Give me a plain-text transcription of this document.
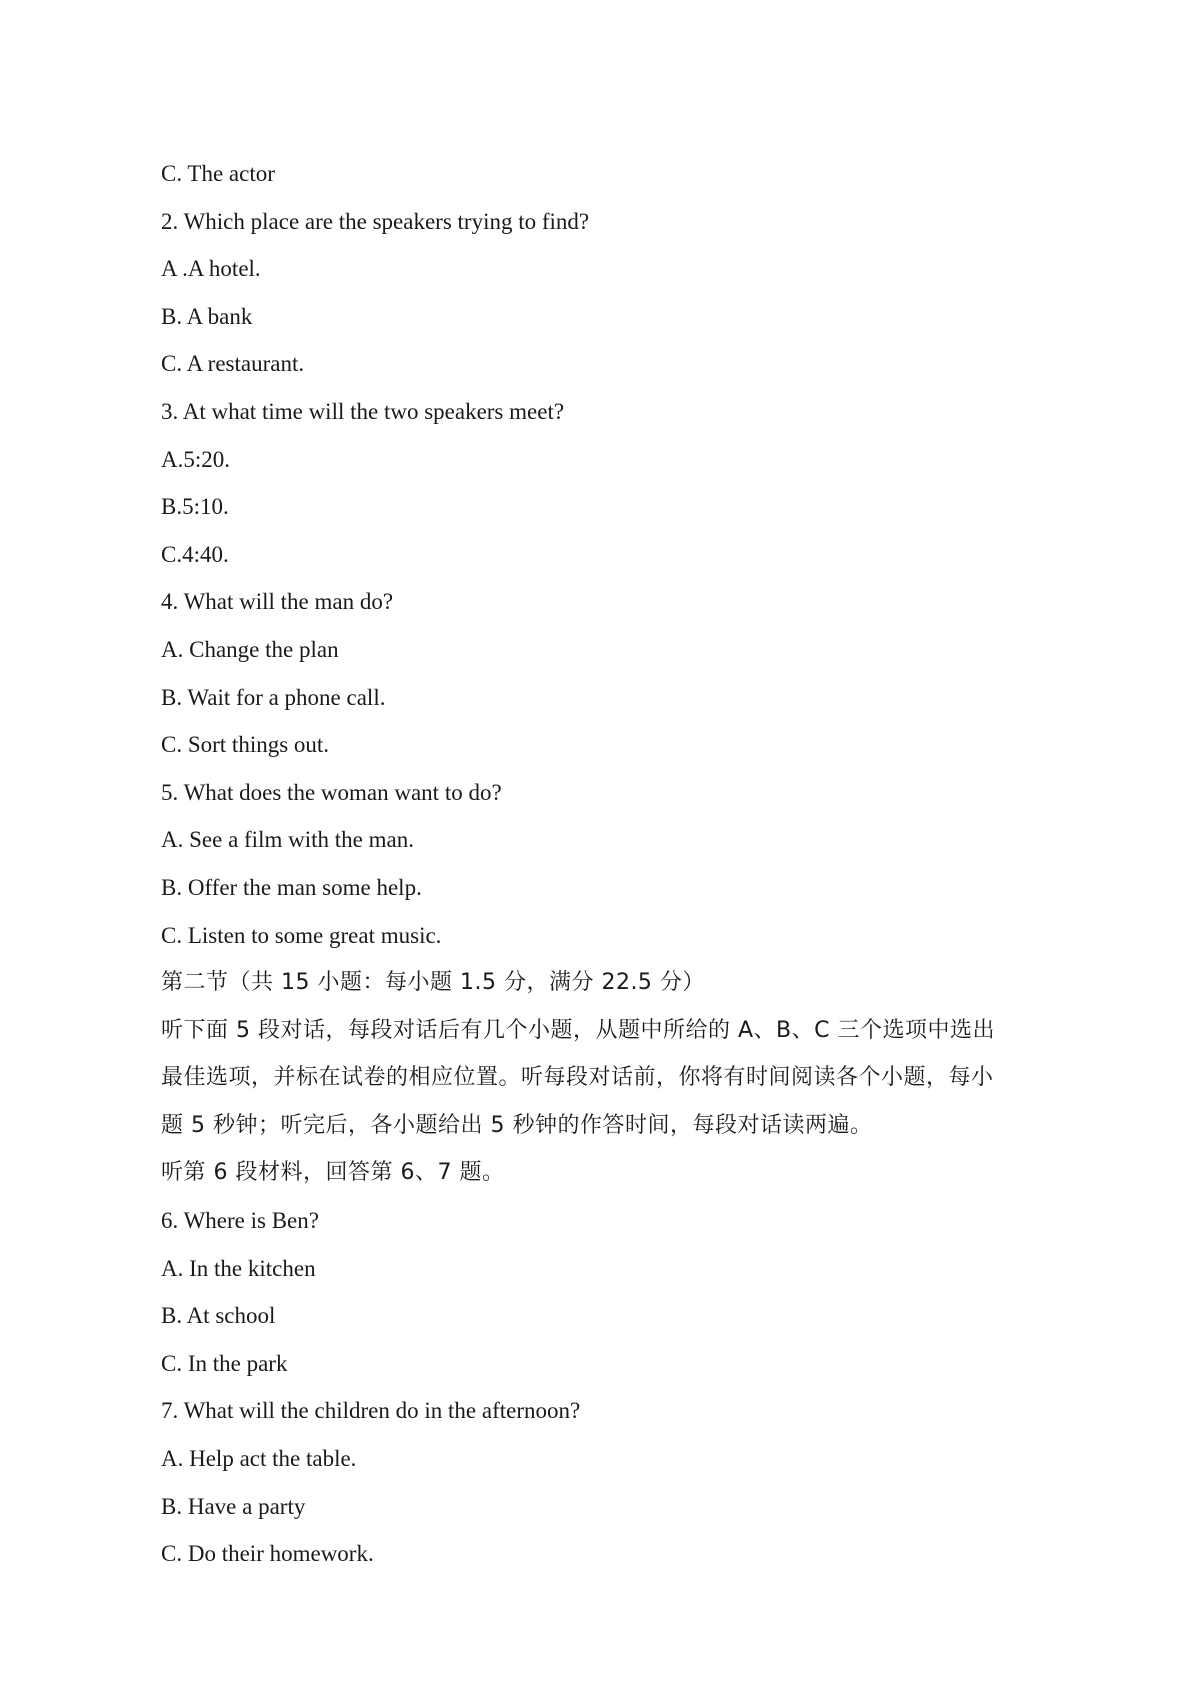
C. The actor
2. Which place are the speakers trying to find?
A .A hotel.
B. A bank
C. A restaurant.
3. At what time will the two speakers meet?
A.5:20.
B.5:10.
C.4:40.
4. What will the man do?
A. Change the plan
B. Wait for a phone call.
C. Sort things out.
5. What does the woman want to do?
A. See a film with the man.
B. Offer the man some help.
C. Listen to some great music.
第二节（共 15 小题：每小题 1.5 分，满分 22.5 分）
听下面 5 段对话，每段对话后有几个小题，从题中所给的 A、B、C 三个选项中选出
最佳选项，并标在试卷的相应位置。听每段对话前，你将有时间阅读各个小题，每小
题 5 秒钟；听完后，各小题给出 5 秒钟的作答时间，每段对话读两遍。
听第 6 段材料，回答第 6、7 题。
6. Where is Ben?
A. In the kitchen
B. At school
C. In the park
7. What will the children do in the afternoon?
A. Help act the table.
B. Have a party
C. Do their homework.
